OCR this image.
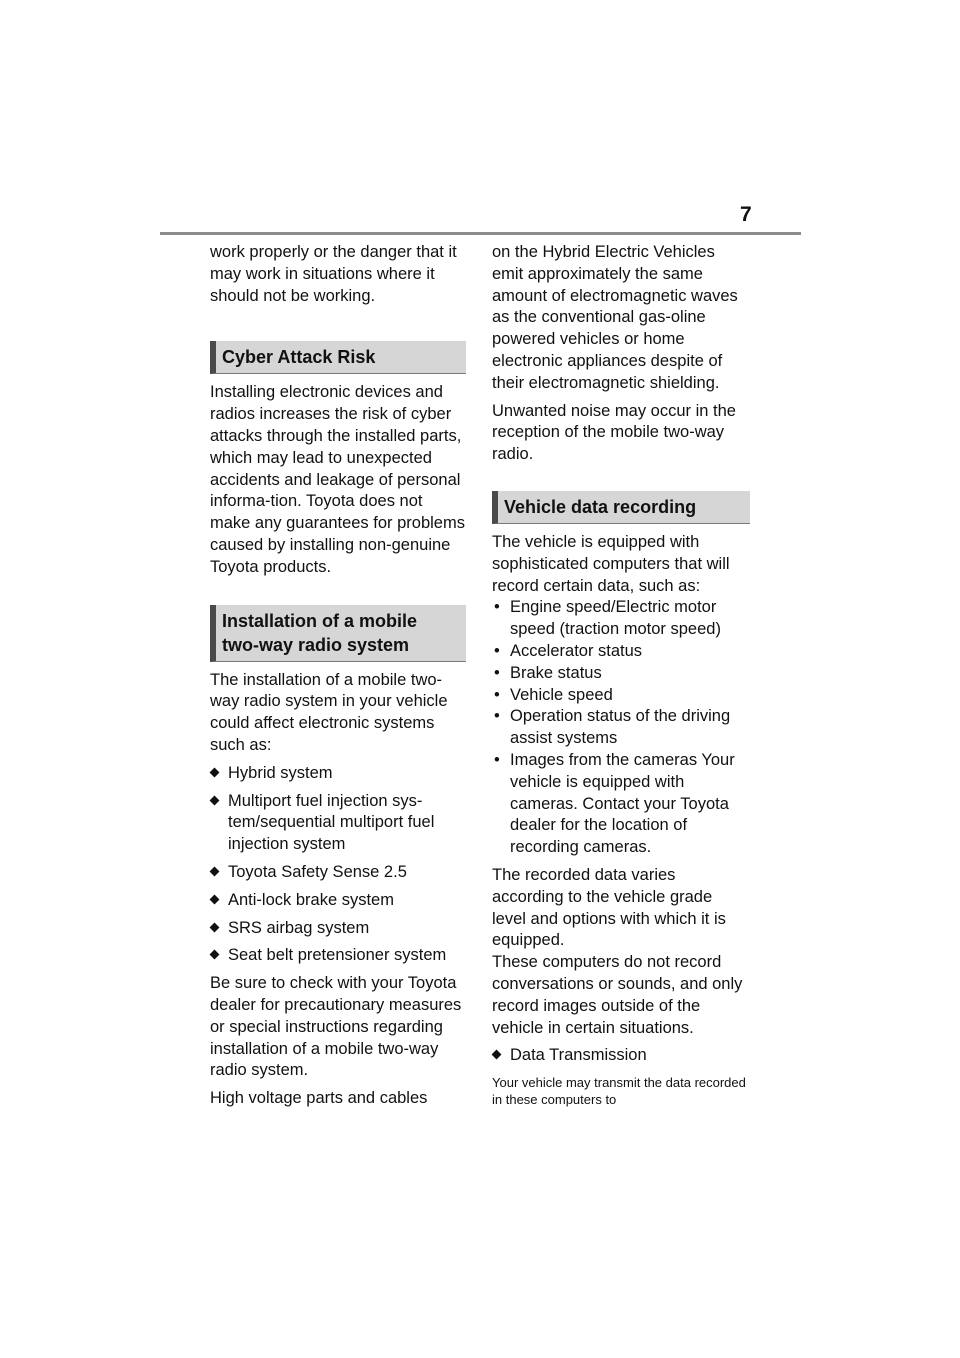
7

work properly or the danger that it may work in situations where it should not be working.

Cyber Attack Risk

Installing electronic devices and radios increases the risk of cyber attacks through the installed parts, which may lead to unexpected accidents and leakage of personal informa-tion. Toyota does not make any guarantees for problems caused by installing non-genuine Toyota products.

Installation of a mobile
two-way radio system

The installation of a mobile two-way radio system in your vehicle could affect electronic systems such as:

Hybrid system
Multiport fuel injection sys-tem/sequential multiport fuel injection system
Toyota Safety Sense 2.5
Anti-lock brake system
SRS airbag system
Seat belt pretensioner system

Be sure to check with your Toyota dealer for precautionary measures or special instructions regarding installation of a mobile two-way radio system.

High voltage parts and cables

on the Hybrid Electric Vehicles emit approximately the same amount of electromagnetic waves as the conventional gas-oline powered vehicles or home electronic appliances despite of their electromagnetic shielding.

Unwanted noise may occur in the reception of the mobile two-way radio.

Vehicle data recording

The vehicle is equipped with sophisticated computers that will record certain data, such as:

• Engine speed/Electric motor speed (traction motor speed)
• Accelerator status
• Brake status
• Vehicle speed
• Operation status of the driving assist systems
• Images from the cameras Your vehicle is equipped with cameras. Contact your Toyota dealer for the location of recording cameras.

The recorded data varies according to the vehicle grade level and options with which it is equipped.

These computers do not record conversations or sounds, and only record images outside of the vehicle in certain situations.

Data Transmission

Your vehicle may transmit the data recorded in these computers to
